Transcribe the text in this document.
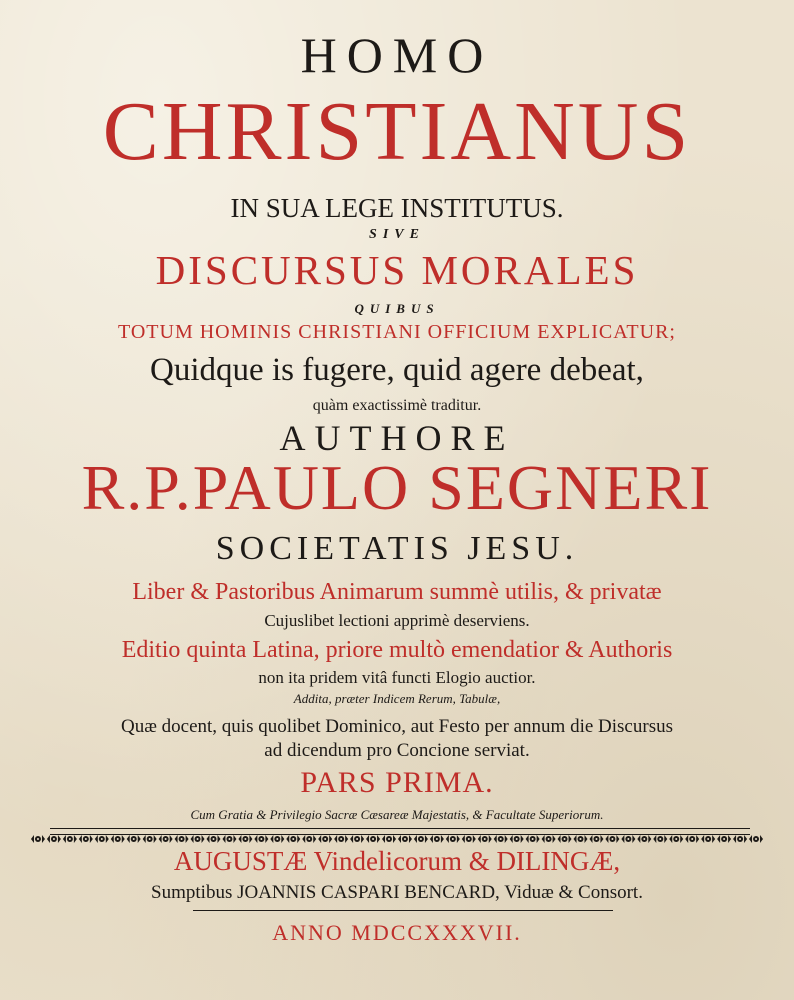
HOMO
CHRISTIANUS
IN SUA LEGE INSTITUTUS.
SIVE
DISCURSUS MORALES
QUIBUS
TOTUM HOMINIS CHRISTIANI OFFICIUM EXPLICATUR;
Quidque is fugere, quid agere debeat,
quàm exactissimè traditur.
AUTHORE
R.P.PAULO SEGNERI
SOCIETATIS JESU.
Liber & Pastoribus Animarum summè utilis, & privatæ
Cujuslibet lectioni apprimè deserviens.
Editio quinta Latina, priore multò emendatior & Authoris
non ita pridem vitâ functi Elogio auctior.
Addita, præter Indicem Rerum, Tabulæ,
Quæ docent, quis quolibet Dominico, aut Festo per annum die Discursus
ad dicendum pro Concione serviat.
PARS PRIMA.
Cum Gratia & Privilegio Sacræ Cæsareæ Majestatis, & Facultate Superiorum.
AUGUSTÆ Vindelicorum & DILINGÆ,
Sumptibus JOANNIS CASPARI BENCARD, Viduæ & Consort.
ANNO MDCCXXXVII.
